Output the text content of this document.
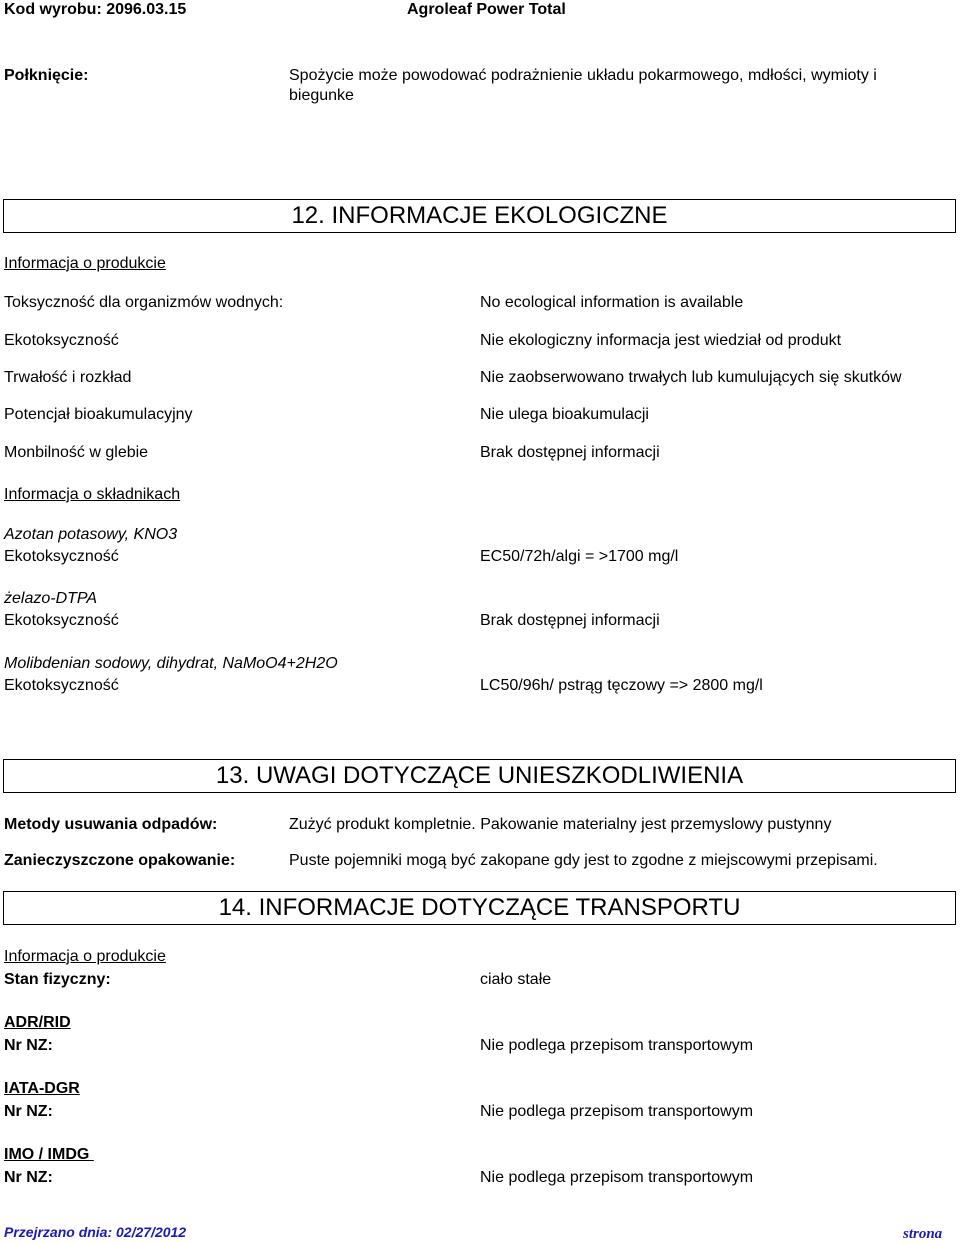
Kod wyrobu: 2096.03.15	Agroleaf Power Total
Połknięcie:	Spożycie może powodować podrażnienie układu pokarmowego, mdłości, wymioty i
biegunke
12. INFORMACJE EKOLOGICZNE
Informacja o produkcie
Toksyczność dla organizmów wodnych:	No ecological information is available
Ekotoksyczność	Nie ekologiczny informacja jest wiedział od produkt
Trwałość i rozkład	Nie zaobserwowano trwałych lub kumulujących się skutków
Potencjał bioakumulacyjny	Nie ulega bioakumulacji
Monbilność w glebie	Brak dostępnej informacji
Informacja o składnikach
Azotan potasowy, KNO3
Ekotoksyczność	EC50/72h/algi = >1700 mg/l
żelazo-DTPA
Ekotoksyczność	Brak dostępnej informacji
Molibdenian sodowy, dihydrat, NaMoO4+2H2O
Ekotoksyczność	LC50/96h/ pstrąg tęczowy => 2800 mg/l
13. UWAGI DOTYCZĄCE UNIESZKODLIWIENIA
Metody usuwania odpadów:	Zużyć produkt kompletnie. Pakowanie materialny jest przemyslowy pustynny
Zanieczyszczone opakowanie:	Puste pojemniki mogą być zakopane gdy jest to zgodne z miejscowymi przepisami.
14. INFORMACJE DOTYCZĄCE TRANSPORTU
Informacja o produkcie
Stan fizyczny:	ciało stałe
ADR/RID
Nr NZ:	Nie podlega przepisom transportowym
IATA-DGR
Nr NZ:	Nie podlega przepisom transportowym
IMO / IMDG
Nr NZ:	Nie podlega przepisom transportowym
Przejrzano dnia: 02/27/2012	strona
